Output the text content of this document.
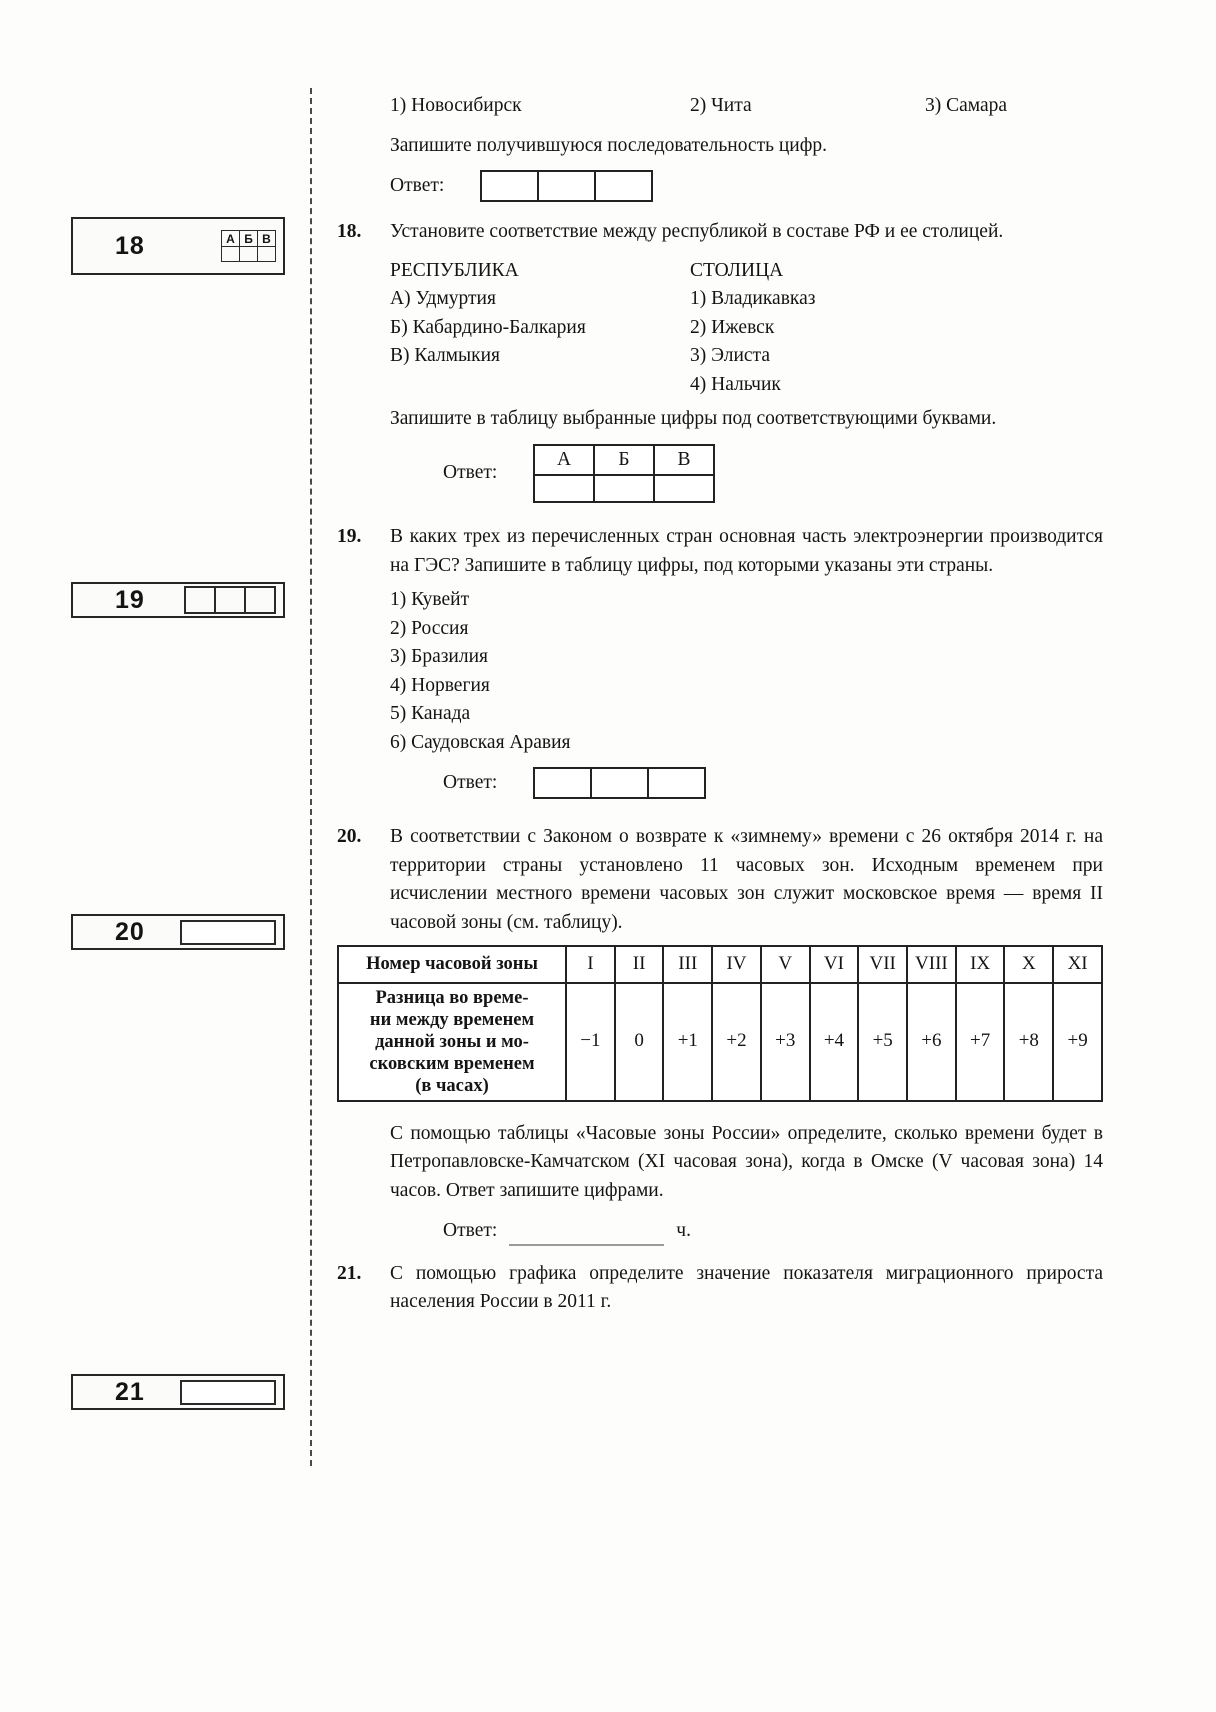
18	А	Б	В

19

20
21
1) Новосибирск	2) Чита	3) Самара

Запишите получившуюся последовательность цифр.

Ответ:

18. Установите соответствие между республикой в составе РФ и ее столицей.

РЕСПУБЛИКА
А) Удмуртия
Б) Кабардино-Балкария
В) Калмыкия
СТОЛИЦА
1) Владикавказ
2) Ижевск
3) Элиста
4) Нальчик

Запишите в таблицу выбранные цифры под соответствующими буквами.

Ответ:
А	Б	В

19. В каких трех из перечисленных стран основная часть электроэнергии производится на ГЭС? Запишите в таблицу цифры, под которыми указаны эти страны.

1) Кувейт
2) Россия
3) Бразилия
4) Норвегия
5) Канада
6) Саудовская Аравия
Ответ:

20. В соответствии с Законом о возврате к «зимнему» времени с 26 октября 2014 г. на территории страны установлено 11 часовых зон. Исходным временем при исчислении местного времени часовых зон служит московское время — время II часовой зоны (см. таблицу).

Номер часовой зоны	I	II	III	IV	V	VI	VII	VIII	IX	X	XI

Разница во време-
ни между временем
данной зоны и мо-
сковским временем
(в часах)	−1	0	+1	+2	+3	+4	+5	+6	+7	+8	+9

С помощью таблицы «Часовые зоны России» определите, сколько времени будет в Петропавловске-Камчатском (XI часовая зона), когда в Омске (V часовая зона) 14 часов. Ответ запишите цифрами.

Ответ:	ч.
21. С помощью графика определите значение показателя миграционного прироста населения России в 2011 г.
